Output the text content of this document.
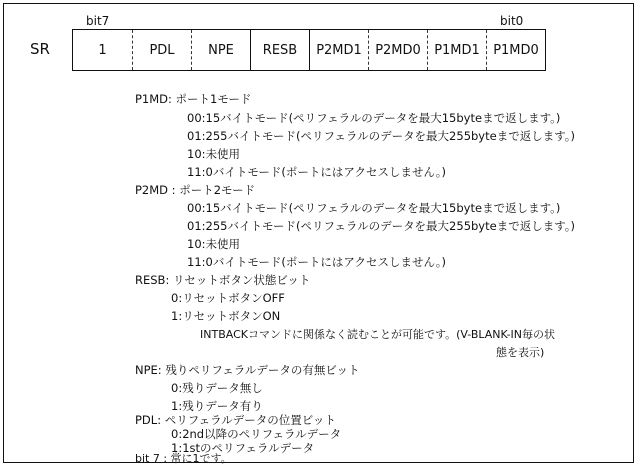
bit7	bit0
SR	1	PDL	NPE	RESB	P2MD1	P2MD0	P1MD1	P1MD0
P1MD: ポート1モード
00:15バイトモード(ペリフェラルのデータを最大15byteまで返します。)
01:255バイトモード(ペリフェラルのデータを最大255byteまで返します。)
10:未使用
11:0バイトモード(ポートにはアクセスしません。)
P2MD : ポート2モード
00:15バイトモード(ペリフェラルのデータを最大15byteまで返します。)
01:255バイトモード(ペリフェラルのデータを最大255byteまで返します。)
10:未使用
11:0バイトモード(ポートにはアクセスしません。)
RESB: リセットボタン状態ビット
0:リセットボタンOFF
1:リセットボタンON
INTBACKコマンドに関係なく読むことが可能です。(V-BLANK-IN毎の状
態を表示)
NPE: 残りペリフェラルデータの有無ビット
0:残りデータ無し
1:残りデータ有り
PDL: ペリフェラルデータの位置ビット
0:2nd以降のペリフェラルデータ
1:1stのペリフェラルデータ
bit 7 : 常に1です。
